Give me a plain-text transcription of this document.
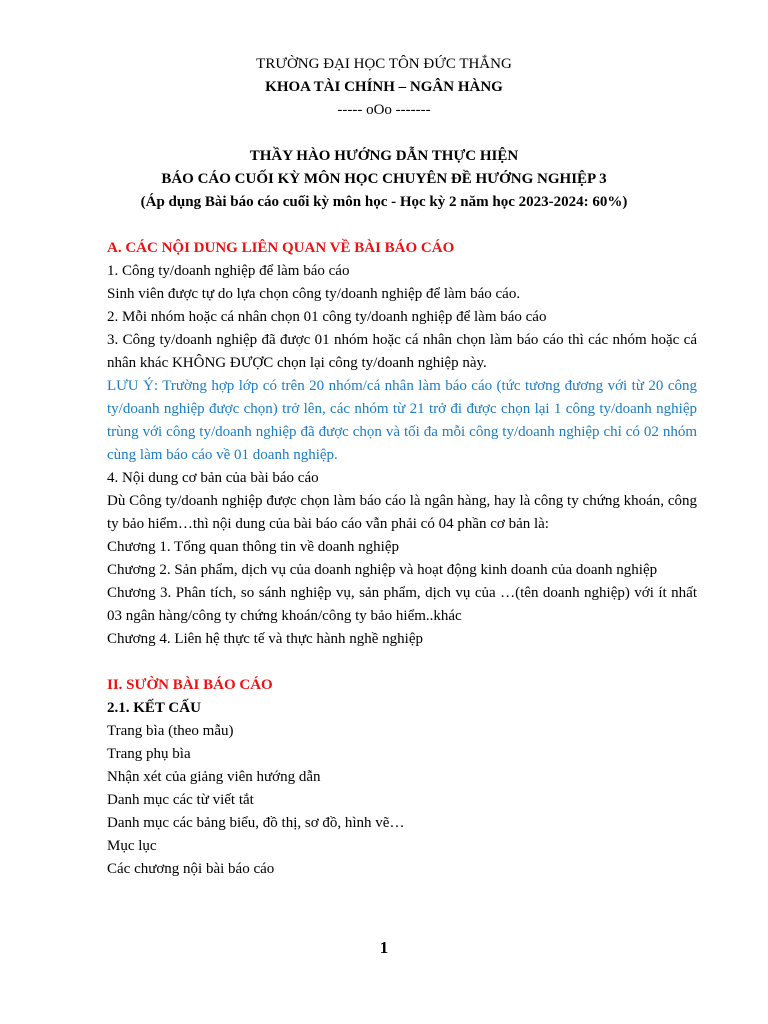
TRƯỜNG ĐẠI HỌC TÔN ĐỨC THẮNG
KHOA TÀI CHÍNH – NGÂN HÀNG
----- oOo -------
THẦY HÀO HƯỚNG DẪN THỰC HIỆN
BÁO CÁO CUỐI KỲ MÔN HỌC CHUYÊN ĐỀ HƯỚNG NGHIỆP 3
(Áp dụng Bài báo cáo cuối kỳ môn học - Học kỳ 2 năm học 2023-2024: 60%)

A. CÁC NỘI DUNG LIÊN QUAN VỀ BÀI BÁO CÁO

1. Công ty/doanh nghiệp để làm báo cáo

Sinh viên được tự do lựa chọn công ty/doanh nghiệp để làm báo cáo.

2. Mỗi nhóm hoặc cá nhân chọn 01 công ty/doanh nghiệp để làm báo cáo

3. Công ty/doanh nghiệp đã được 01 nhóm hoặc cá nhân chọn làm báo cáo thì các nhóm hoặc cá nhân khác KHÔNG ĐƯỢC chọn lại công ty/doanh nghiệp này.

LƯU Ý: Trường hợp lớp có trên 20 nhóm/cá nhân làm báo cáo (tức tương đương với từ 20 công ty/doanh nghiệp được chọn) trở lên, các nhóm từ 21 trở đi được chọn lại 1 công ty/doanh nghiệp trùng với công ty/doanh nghiệp đã được chọn và tối đa mỗi công ty/doanh nghiệp chỉ có 02 nhóm cùng làm báo cáo về 01 doanh nghiệp.

4. Nội dung cơ bản của bài báo cáo

Dù Công ty/doanh nghiệp được chọn làm báo cáo là ngân hàng, hay là công ty chứng khoán, công ty bảo hiểm…thì nội dung của bài báo cáo vẫn phải có 04 phần cơ bản là:

Chương 1. Tổng quan thông tin về doanh nghiệp

Chương 2. Sản phẩm, dịch vụ của doanh nghiệp và hoạt động kinh doanh của doanh nghiệp

Chương 3. Phân tích, so sánh nghiệp vụ, sản phẩm, dịch vụ của …(tên doanh nghiệp) với ít nhất 03 ngân hàng/công ty chứng khoán/công ty bảo hiểm..khác

Chương 4. Liên hệ thực tế và thực hành nghề nghiệp

II. SƯỜN BÀI BÁO CÁO

2.1. KẾT CẤU

Trang bìa (theo mẫu)

Trang phụ bìa

Nhận xét của giảng viên hướng dẫn

Danh mục các từ viết tắt

Danh mục các bảng biểu, đồ thị, sơ đồ, hình vẽ…

Mục lục

Các chương nội bài báo cáo

1
